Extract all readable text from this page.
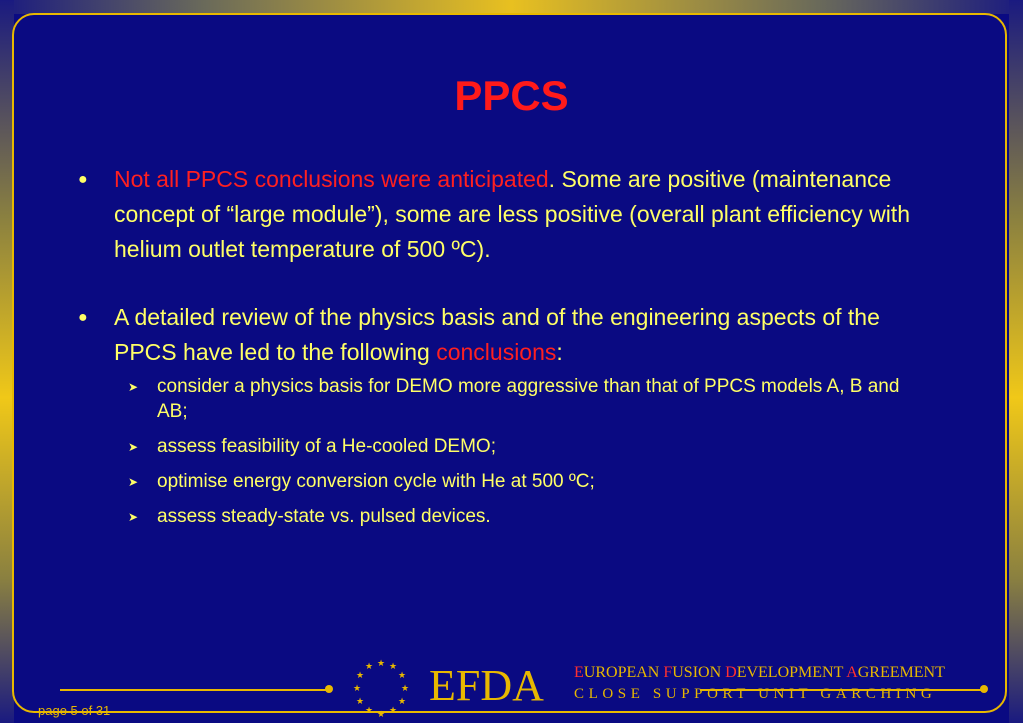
PPCS
● Not all PPCS conclusions were anticipated. Some are positive (maintenance concept of “large module”), some are less positive (overall plant efficiency with helium outlet temperature of 500 ºC).
● A detailed review of the physics basis and of the engineering aspects of the PPCS have led to the following conclusions:
➤ consider a physics basis for DEMO more aggressive than that of PPCS models A, B and AB;
➤ assess feasibility of a He-cooled DEMO;
➤ optimise energy conversion cycle with He at 500 ºC;
➤ assess steady-state vs. pulsed devices.
★ ★
★
★
★
★
★
★
★
★
★
★ EFDA EUROPEAN FUSION DEVELOPMENT AGREEMENT
CLOSE SUPPORT UNIT GARCHING
page 5 of 31
